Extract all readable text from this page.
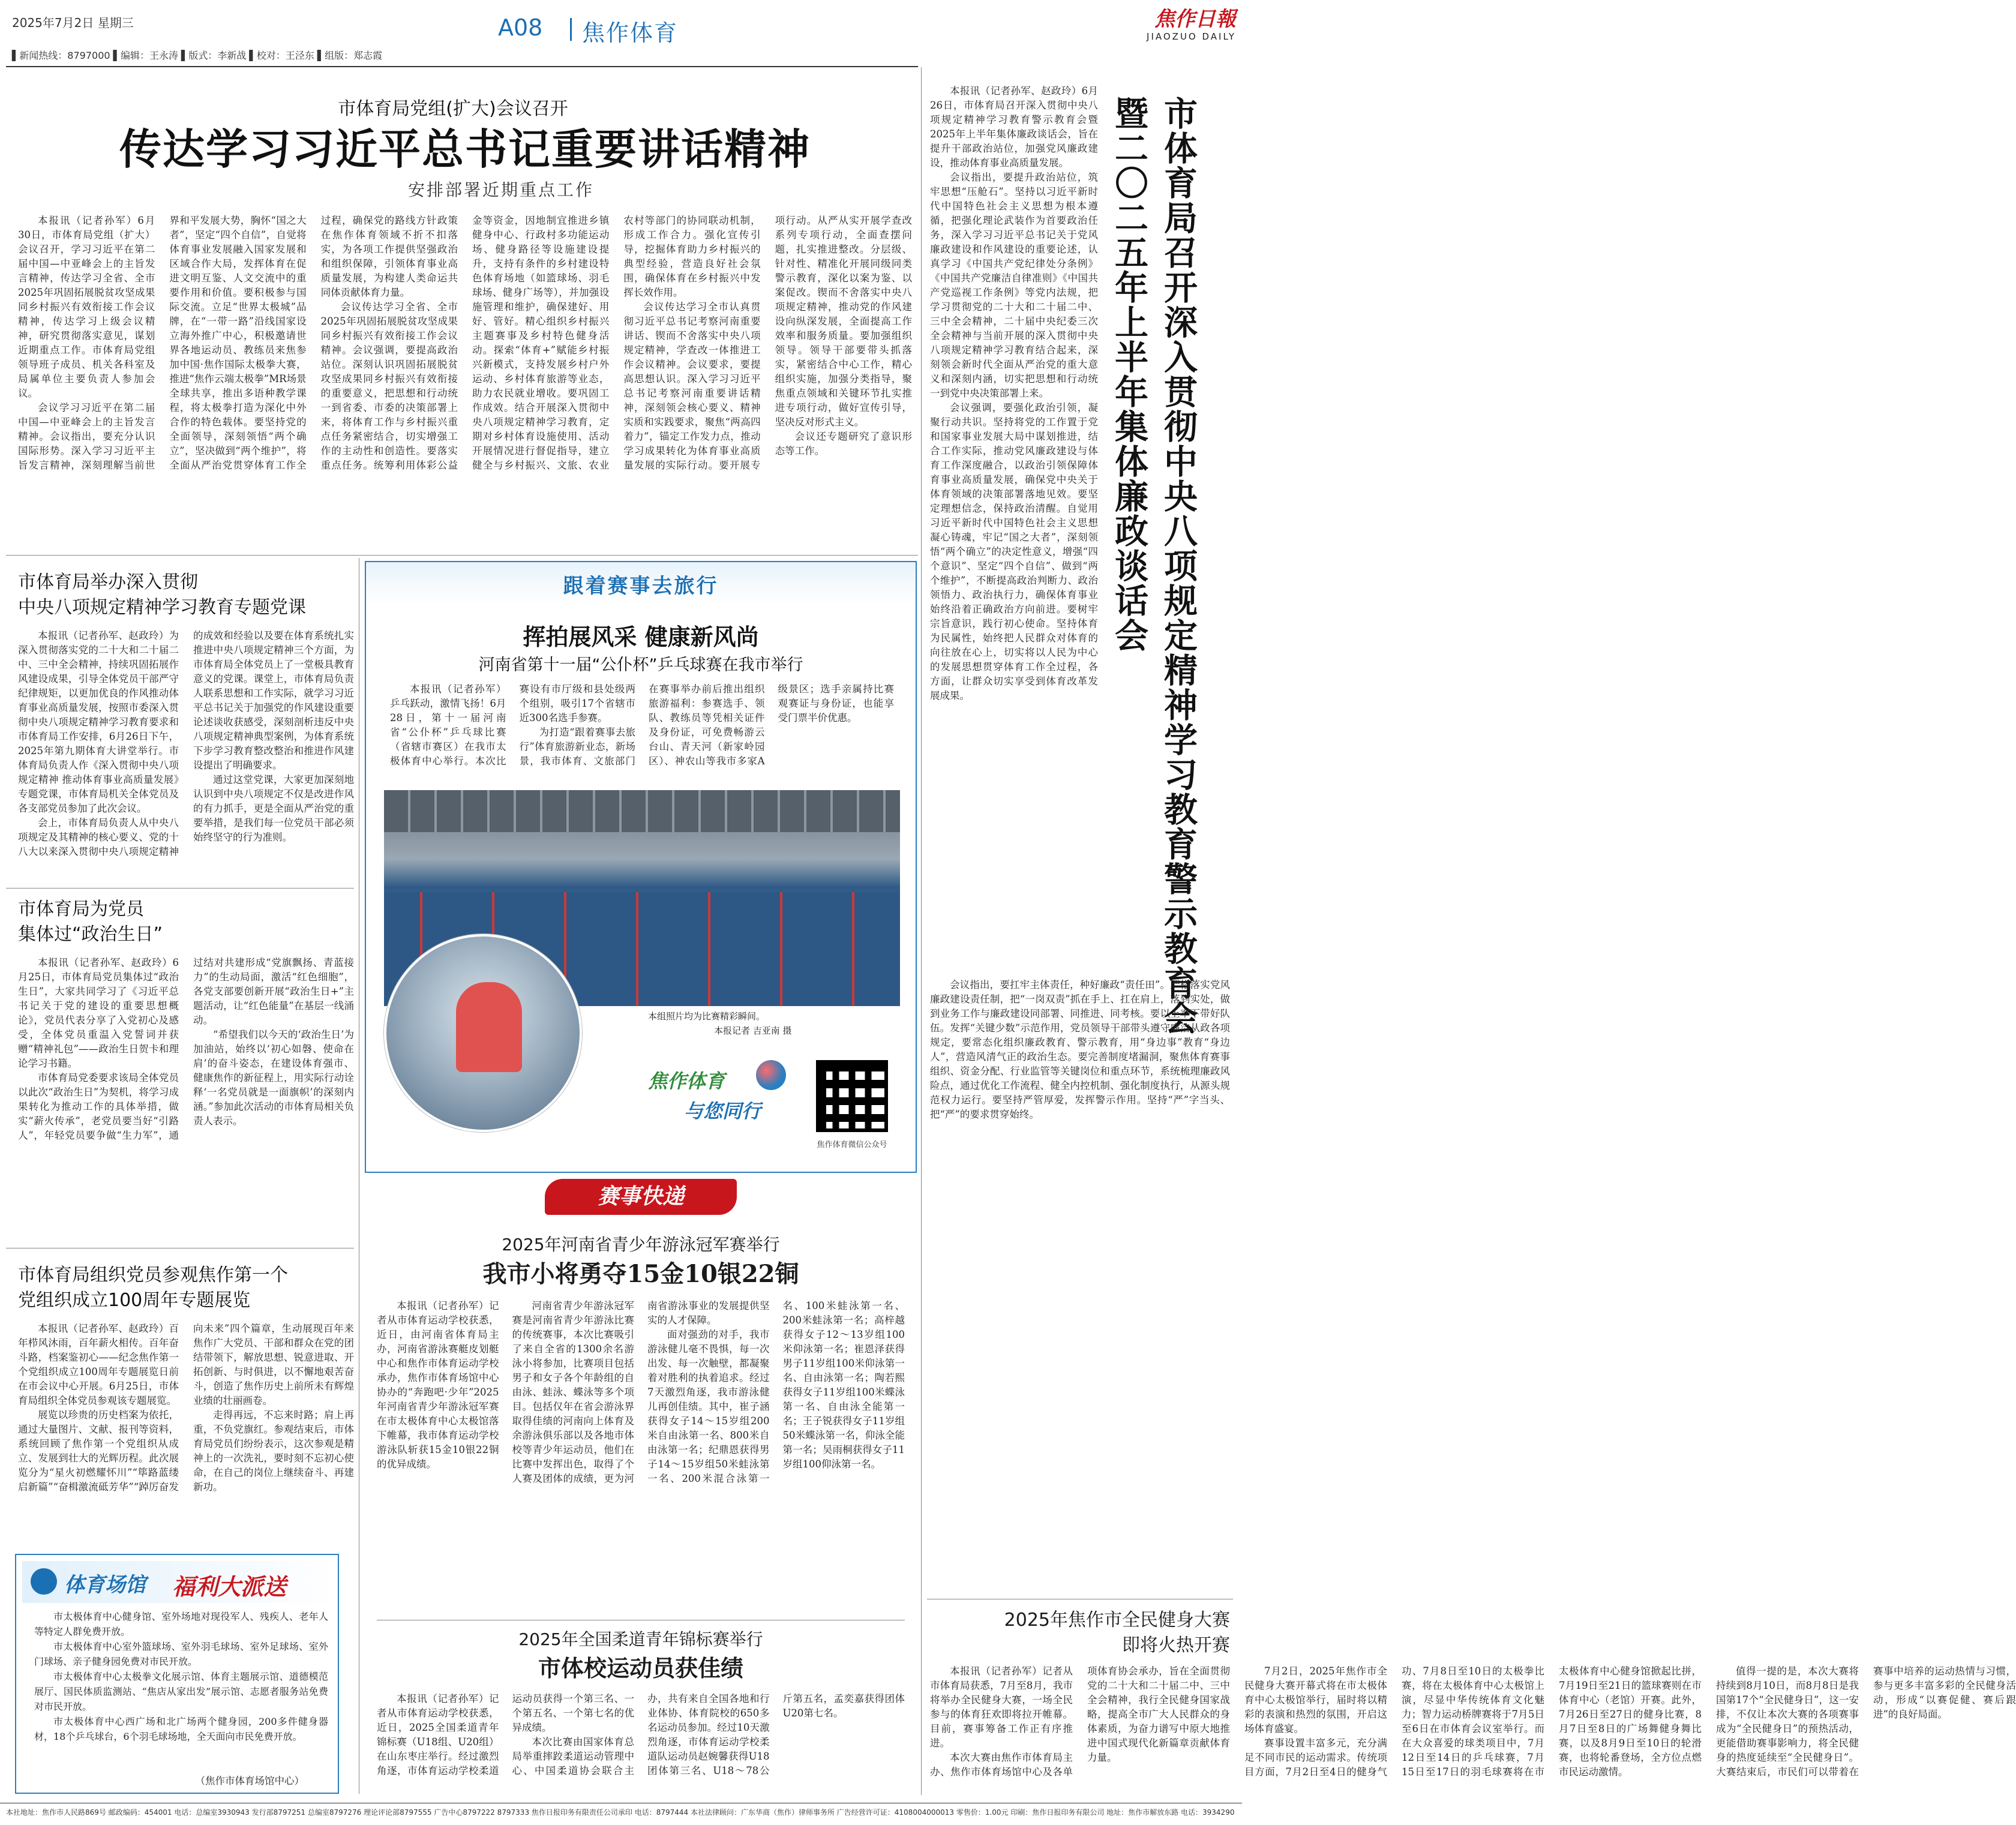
2025年7月2日 星期三	A08 焦作体育
焦作日報
JIAOZUO DAILY
▌新闻热线：8797000 ▌编辑：王永涛 ▌版式：李新战 ▌校对：王泾东 ▌组版：郑志霞
市体育局党组(扩大)会议召开
传达学习习近平总书记重要讲话精神
安排部署近期重点工作

本报讯（记者孙军）6月30日，市体育局党组（扩大）会议召开，学习习近平在第二届中国—中亚峰会上的主旨发言精神，传达学习全省、全市2025年巩固拓展脱贫攻坚成果同乡村振兴有效衔接工作会议精神，传达学习上级会议精神，研究贯彻落实意见，谋划近期重点工作。市体育局党组领导班子成员、机关各科室及局属单位主要负责人参加会议。

会议学习习近平在第二届中国—中亚峰会上的主旨发言精神。会议指出，要充分认识国际形势。深入学习习近平主旨发言精神，深刻理解当前世界和平发展大势，胸怀“国之大者”，坚定“四个自信”，自觉将体育事业发展融入国家发展和区域合作大局，发挥体育在促进文明互鉴、人文交流中的重要作用和价值。要积极参与国际交流。立足“世界太极城”品牌，在“一带一路”沿线国家设立海外推广中心，积极邀请世界各地运动员、教练员来焦参加中国·焦作国际太极拳大赛，推进“焦作云端太极拳”MR场景全球共享，推出多语种教学课程，将太极拳打造为深化中外合作的特色载体。要坚持党的全面领导，深刻领悟“两个确立”，坚决做到“两个维护”，将全面从严治党贯穿体育工作全过程，确保党的路线方针政策在焦作体育领域不折不扣落实，为各项工作提供坚强政治和组织保障，引领体育事业高质量发展，为构建人类命运共同体贡献体育力量。

会议传达学习全省、全市2025年巩固拓展脱贫攻坚成果同乡村振兴有效衔接工作会议精神。会议强调，要提高政治站位。深刻认识巩固拓展脱贫攻坚成果同乡村振兴有效衔接的重要意义，把思想和行动统一到省委、市委的决策部署上来，将体育工作与乡村振兴重点任务紧密结合，切实增强工作的主动性和创造性。要落实重点任务。统筹利用体彩公益金等资金，因地制宜推进乡镇健身中心、行政村多功能运动场、健身路径等设施建设提升，支持有条件的乡村建设特色体育场地（如篮球场、羽毛球场、健身广场等），并加强设施管理和维护，确保建好、用好、管好。精心组织乡村振兴主题赛事及乡村特色健身活动。探索“体育+”赋能乡村振兴新模式，支持发展乡村户外运动、乡村体育旅游等业态，助力农民就业增收。要巩固工作成效。结合开展深入贯彻中央八项规定精神学习教育，定期对乡村体育设施使用、活动开展情况进行督促指导，建立健全与乡村振兴、文旅、农业农村等部门的协同联动机制，形成工作合力。强化宣传引导，挖掘体育助力乡村振兴的典型经验，营造良好社会氛围，确保体育在乡村振兴中发挥长效作用。

会议传达学习全市认真贯彻习近平总书记考察河南重要讲话、锲而不舍落实中央八项规定精神，学查改一体推进工作会议精神。会议要求，要提高思想认识。深入学习习近平总书记考察河南重要讲话精神，深刻领会核心要义、精神实质和实践要求，聚焦“两高四着力”，锚定工作发力点，推动学习成果转化为体育事业高质量发展的实际行动。要开展专项行动。从严从实开展学查改系列专项行动，全面查摆问题，扎实推进整改。分层级、针对性、精准化开展同级同类警示教育，深化以案为鉴、以案促改。锲而不舍落实中央八项规定精神，推动党的作风建设向纵深发展，全面提高工作效率和服务质量。要加强组织领导。领导干部要带头抓落实，紧密结合中心工作，精心组织实施，加强分类指导，聚焦重点领域和关键环节扎实推进专项行动，做好宣传引导，坚决反对形式主义。

会议还专题研究了意识形态等工作。	市体育局召开深入贯彻中央八项规定精神学习教育警示教育会暨二〇二五年上半年集体廉政谈话会

本报讯（记者孙军、赵政玲）6月26日，市体育局召开深入贯彻中央八项规定精神学习教育警示教育会暨2025年上半年集体廉政谈话会，旨在提升干部政治站位，加强党风廉政建设，推动体育事业高质量发展。

会议指出，要提升政治站位，筑牢思想“压舱石”。坚持以习近平新时代中国特色社会主义思想为根本遵循，把强化理论武装作为首要政治任务，深入学习习近平总书记关于党风廉政建设和作风建设的重要论述，认真学习《中国共产党纪律处分条例》《中国共产党廉洁自律准则》《中国共产党巡视工作条例》等党内法规，把学习贯彻党的二十大和二十届二中、三中全会精神，二十届中央纪委三次全会精神与当前开展的深入贯彻中央八项规定精神学习教育结合起来，深刻领会新时代全面从严治党的重大意义和深刻内涵，切实把思想和行动统一到党中央决策部署上来。

会议强调，要强化政治引领，凝聚行动共识。坚持将党的工作置于党和国家事业发展大局中谋划推进，结合工作实际，推动党风廉政建设与体育工作深度融合，以政治引领保障体育事业高质量发展，确保党中央关于体育领域的决策部署落地见效。要坚定理想信念，保持政治清醒。自觉用习近平新时代中国特色社会主义思想凝心铸魂，牢记“国之大者”，深刻领悟“两个确立”的决定性意义，增强“四个意识”、坚定“四个自信”、做到“两个维护”，不断提高政治判断力、政治领悟力、政治执行力，确保体育事业始终沿着正确政治方向前进。要树牢宗旨意识，践行初心使命。坚持体育为民属性，始终把人民群众对体育的向往放在心上，切实将以人民为中心的发展思想贯穿体育工作全过程，各方面，让群众切实享受到体育改革发展成果。

会议指出，要扛牢主体责任，种好廉政“责任田”。严格落实党风廉政建设责任制，把“一岗双责”抓在手上、扛在肩上，落到实处，做到业务工作与廉政建设同部署、同推进、同考核。要以上率下带好队伍。发挥“关键少数”示范作用，党员领导干部带头遵守廉洁从政各项规定，要常态化组织廉政教育、警示教育，用“身边事”教育“身边人”，营造风清气正的政治生态。要完善制度堵漏洞，聚焦体育赛事组织、资金分配、行业监管等关键岗位和重点环节，系统梳理廉政风险点，通过优化工作流程、健全内控机制、强化制度执行，从源头规范权力运行。要坚持严管厚爱，发挥警示作用。坚持“严”字当头、把“严”的要求贯穿始终。

市体育局举办深入贯彻
中央八项规定精神学习教育专题党课

本报讯（记者孙军、赵政玲）为深入贯彻落实党的二十大和二十届二中、三中全会精神，持续巩固拓展作风建设成果，引导全体党员干部严守纪律规矩，以更加优良的作风推动体育事业高质量发展，按照市委深入贯彻中央八项规定精神学习教育要求和市体育局工作安排，6月26日下午，2025年第九期体育大讲堂举行。市体育局负责人作《深入贯彻中央八项规定精神 推动体育事业高质量发展》专题党课，市体育局机关全体党员及各支部党员参加了此次会议。

会上，市体育局负责人从中央八项规定及其精神的核心要义、党的十八大以来深入贯彻中央八项规定精神的成效和经验以及要在体育系统扎实推进中央八项规定精神三个方面，为市体育局全体党员上了一堂极具教育意义的党课。课堂上，市体育局负责人联系思想和工作实际，就学习习近平总书记关于加强党的作风建设重要论述谈收获感受，深刻剖析违反中央八项规定精神典型案例，为体育系统下步学习教育整改整治和推进作风建设提出了明确要求。

通过这堂党课，大家更加深刻地认识到中央八项规定不仅是改进作风的有力抓手，更是全面从严治党的重要举措，是我们每一位党员干部必须始终坚守的行为准则。

市体育局为党员
集体过“政治生日”

本报讯（记者孙军、赵政玲）6月25日，市体育局党员集体过“政治生日”，大家共同学习了《习近平总书记关于党的建设的重要思想概论》，党员代表分享了入党初心及感受，全体党员重温入党誓词并获赠“精神礼包”——政治生日贺卡和理论学习书籍。

市体育局党委要求该局全体党员以此次“政治生日”为契机，将学习成果转化为推动工作的具体举措，做实“薪火传承”，老党员要当好“引路人”，年轻党员要争做“生力军”，通过结对共建形成“党旗飘扬、青蓝接力”的生动局面，激活“红色细胞”，各党支部要创新开展“政治生日+”主题活动，让“红色能量”在基层一线涌动。

“希望我们以今天的‘政治生日’为加油站，始终以‘初心如磐、使命在肩’的奋斗姿态，在建设体育强市、健康焦作的新征程上，用实际行动诠释‘一名党员就是一面旗帜’的深刻内涵。”参加此次活动的市体育局相关负责人表示。

市体育局组织党员参观焦作第一个
党组织成立100周年专题展览

本报讯（记者孙军、赵政玲）百年栉风沐雨，百年薪火相传。百年奋斗路，档案鉴初心——纪念焦作第一个党组织成立100周年专题展览日前在市会议中心开展。6月25日，市体育局组织全体党员参观该专题展览。

展览以珍贵的历史档案为依托，通过大量图片、文献、报刊等资料，系统回顾了焦作第一个党组织从成立、发展到壮大的光辉历程。此次展览分为“星火初燃耀怀川”“筚路蓝缕启新篇”“奋楫激流砥芳华”“踔厉奋发向未来”四个篇章，生动展现百年来焦作广大党员、干部和群众在党的团结带领下，解放思想、锐意进取、开拓创新、与时俱进，以不懈地艰苦奋斗，创造了焦作历史上前所未有辉煌业绩的壮丽画卷。

走得再远，不忘来时路；肩上再重，不负党旗红。参观结束后，市体育局党员们纷纷表示，这次参观是精神上的一次洗礼，要时刻不忘初心使命，在自己的岗位上继续奋斗、再建新功。

体育场馆 福利大派送

市太极体育中心健身馆、室外场地对现役军人、残疾人、老年人等特定人群免费开放。

市太极体育中心室外篮球场、室外羽毛球场、室外足球场、室外门球场、亲子健身园免费对市民开放。

市太极体育中心太极拳文化展示馆、体育主题展示馆、道德模范展厅、国民体质监测站、“焦店从家出发”展示馆、志愿者服务站免费对市民开放。

市太极体育中心西广场和北广场两个健身园，200多件健身器材，18个乒乓球台，6个羽毛球场地，全天面向市民免费开放。

（焦作市体育场馆中心）
跟着赛事去旅行
挥拍展风采 健康新风尚
河南省第十一届“公仆杯”乒乓球赛在我市举行

本报讯（记者孙军）乒乓跃动，激情飞扬！6月28日，第十一届河南省“公仆杯”乒乓球比赛（省辖市赛区）在我市太极体育中心举行。本次比赛设有市厅级和县处级两个组别，吸引17个省辖市近300名选手参赛。

为打造“跟着赛事去旅行”体育旅游新业态，新场景，我市体育、文旅部门在赛事举办前后推出组织旅游福利：参赛选手、领队、教练员等凭相关证件及身份证，可免费畅游云台山、青天河（新家岭园区）、神农山等我市多家A级景区；选手亲属持比赛观赛证与身份证，也能享受门票半价优惠。

本组照片均为比赛精彩瞬间。
本报记者 吉亚南 摄
焦作体育
与您同行
焦作体育微信公众号
赛事快递
2025年河南省青少年游泳冠军赛举行
我市小将勇夺15金10银22铜

本报讯（记者孙军）记者从市体育运动学校获悉，近日，由河南省体育局主办，河南省游泳赛艇皮划艇中心和焦作市体育运动学校承办，焦作市体育场馆中心协办的“奔跑吧·少年”2025年河南省青少年游泳冠军赛在市太极体育中心太极馆落下帷幕，我市体育运动学校游泳队斩获15金10银22铜的优异成绩。

河南省青少年游泳冠军赛是河南省青少年游泳比赛的传统赛事，本次比赛吸引了来自全省的1300余名游泳小将参加，比赛项目包括男子和女子各个年龄组的自由泳、蛙泳、蝶泳等多个项目。包括仅年在省会游泳界取得佳绩的河南向上体育及余游泳俱乐部以及各地市体校等青少年运动员，他们在比赛中发挥出色，取得了个人赛及团体的成绩，更为河南省游泳事业的发展提供坚实的人才保障。

面对强劲的对手，我市游泳健儿毫不畏惧，每一次出发、每一次触壁，都凝聚着对胜利的执着追求。经过7天激烈角逐，我市游泳健儿再创佳绩。其中，崔子涵获得女子14～15岁组200米自由泳第一名、800米自由泳第一名；纪鼎恩获得男子14～15岁组50米蛙泳第一名、200米混合泳第一名、100米蛙泳第一名、200米蛙泳第一名；高梓越获得女子12～13岁组100米仰泳第一名；崔恩泽获得男子11岁组100米仰泳第一名、自由泳第一名；陶若熙获得女子11岁组100米蝶泳第一名、自由泳全能第一名；王子锐获得女子11岁组50米蝶泳第一名，仰泳全能第一名；吴雨桐获得女子11岁组100仰泳第一名。

2025年全国柔道青年锦标赛举行
市体校运动员获佳绩

本报讯（记者孙军）记者从市体育运动学校获悉，近日，2025全国柔道青年锦标赛（U18组、U20组）在山东枣庄举行。经过激烈角逐，市体育运动学校柔道运动员获得一个第三名、一个第五名、一个第七名的优异成绩。

本次比赛由国家体育总局举重摔跤柔道运动管理中心、中国柔道协会联合主办，共有来自全国各地和行业体协、体育院校的650多名运动员参加。经过10天激烈角逐，市体育运动学校柔道队运动员赵婉馨获得U18团体第三名、U18～78公斤第五名，孟奕嘉获得团体U20第七名。

2025年焦作市全民健身大赛
即将火热开赛

本报讯（记者孙军）记者从市体育局获悉，7月至8月，我市将举办全民健身大赛，一场全民参与的体育狂欢即将拉开帷幕。目前，赛事筹备工作正有序推进。

本次大赛由焦作市体育局主办、焦作市体育场馆中心及各单项体育协会承办，旨在全面贯彻党的二十大和二十届二中、三中全会精神，我行全民健身国家战略，提高全市广大人民群众的身体素质，为奋力谱写中原大地推进中国式现代化新篇章贡献体育力量。

7月2日，2025年焦作市全民健身大赛开幕式将在市太极体育中心太极馆举行，届时将以精彩的表演和热烈的氛围，开启这场体育盛宴。

赛事设置丰富多元，充分满足不同市民的运动需求。传统项目方面，7月2日至4日的健身气功、7月8日至10日的太极拳比赛，将在太极体育中心太极馆上演，尽显中华传统体育文化魅力；智力运动桥牌赛将于7月5日至6日在市体育会议室举行。而在大众喜爱的球类项目中，7月12日至14日的乒乓球赛，7月15日至17日的羽毛球赛将在市太极体育中心健身馆掀起比拼，7月19日至21日的篮球赛则在市体育中心（老馆）开赛。此外，7月26日至27日的健身比赛，8月7日至8日的广场舞健身舞比赛，以及8月9日至10日的轮滑赛，也将轮番登场，全方位点燃市民运动激情。

值得一提的是，本次大赛将持续到8月10日，而8月8日是我国第17个“全民健身日”，这一安排，不仅让本次大赛的各项赛事成为“全民健身日”的预热活动，更能借助赛事影响力，将全民健身的热度延续至“全民健身日”。大赛结束后，市民们可以带着在赛事中培养的运动热情与习惯，参与更多丰富多彩的全民健身活动，形成“以赛促健、赛后跟进”的良好局面。

本社地址：焦作市人民路869号 邮政编码：454001 电话：总编室3930943 发行部8797251 总编室8797276 理论评论部8797555 广告中心8797222 8797333 焦作日报印务有限责任公司承印 电话：8797444 本社法律顾问：广东华商（焦作）律师事务所 广告经营许可证：4108004000013 零售价：1.00元 印刷：焦作日报印务有限公司 地址：焦作市解放东路 电话：3934290
